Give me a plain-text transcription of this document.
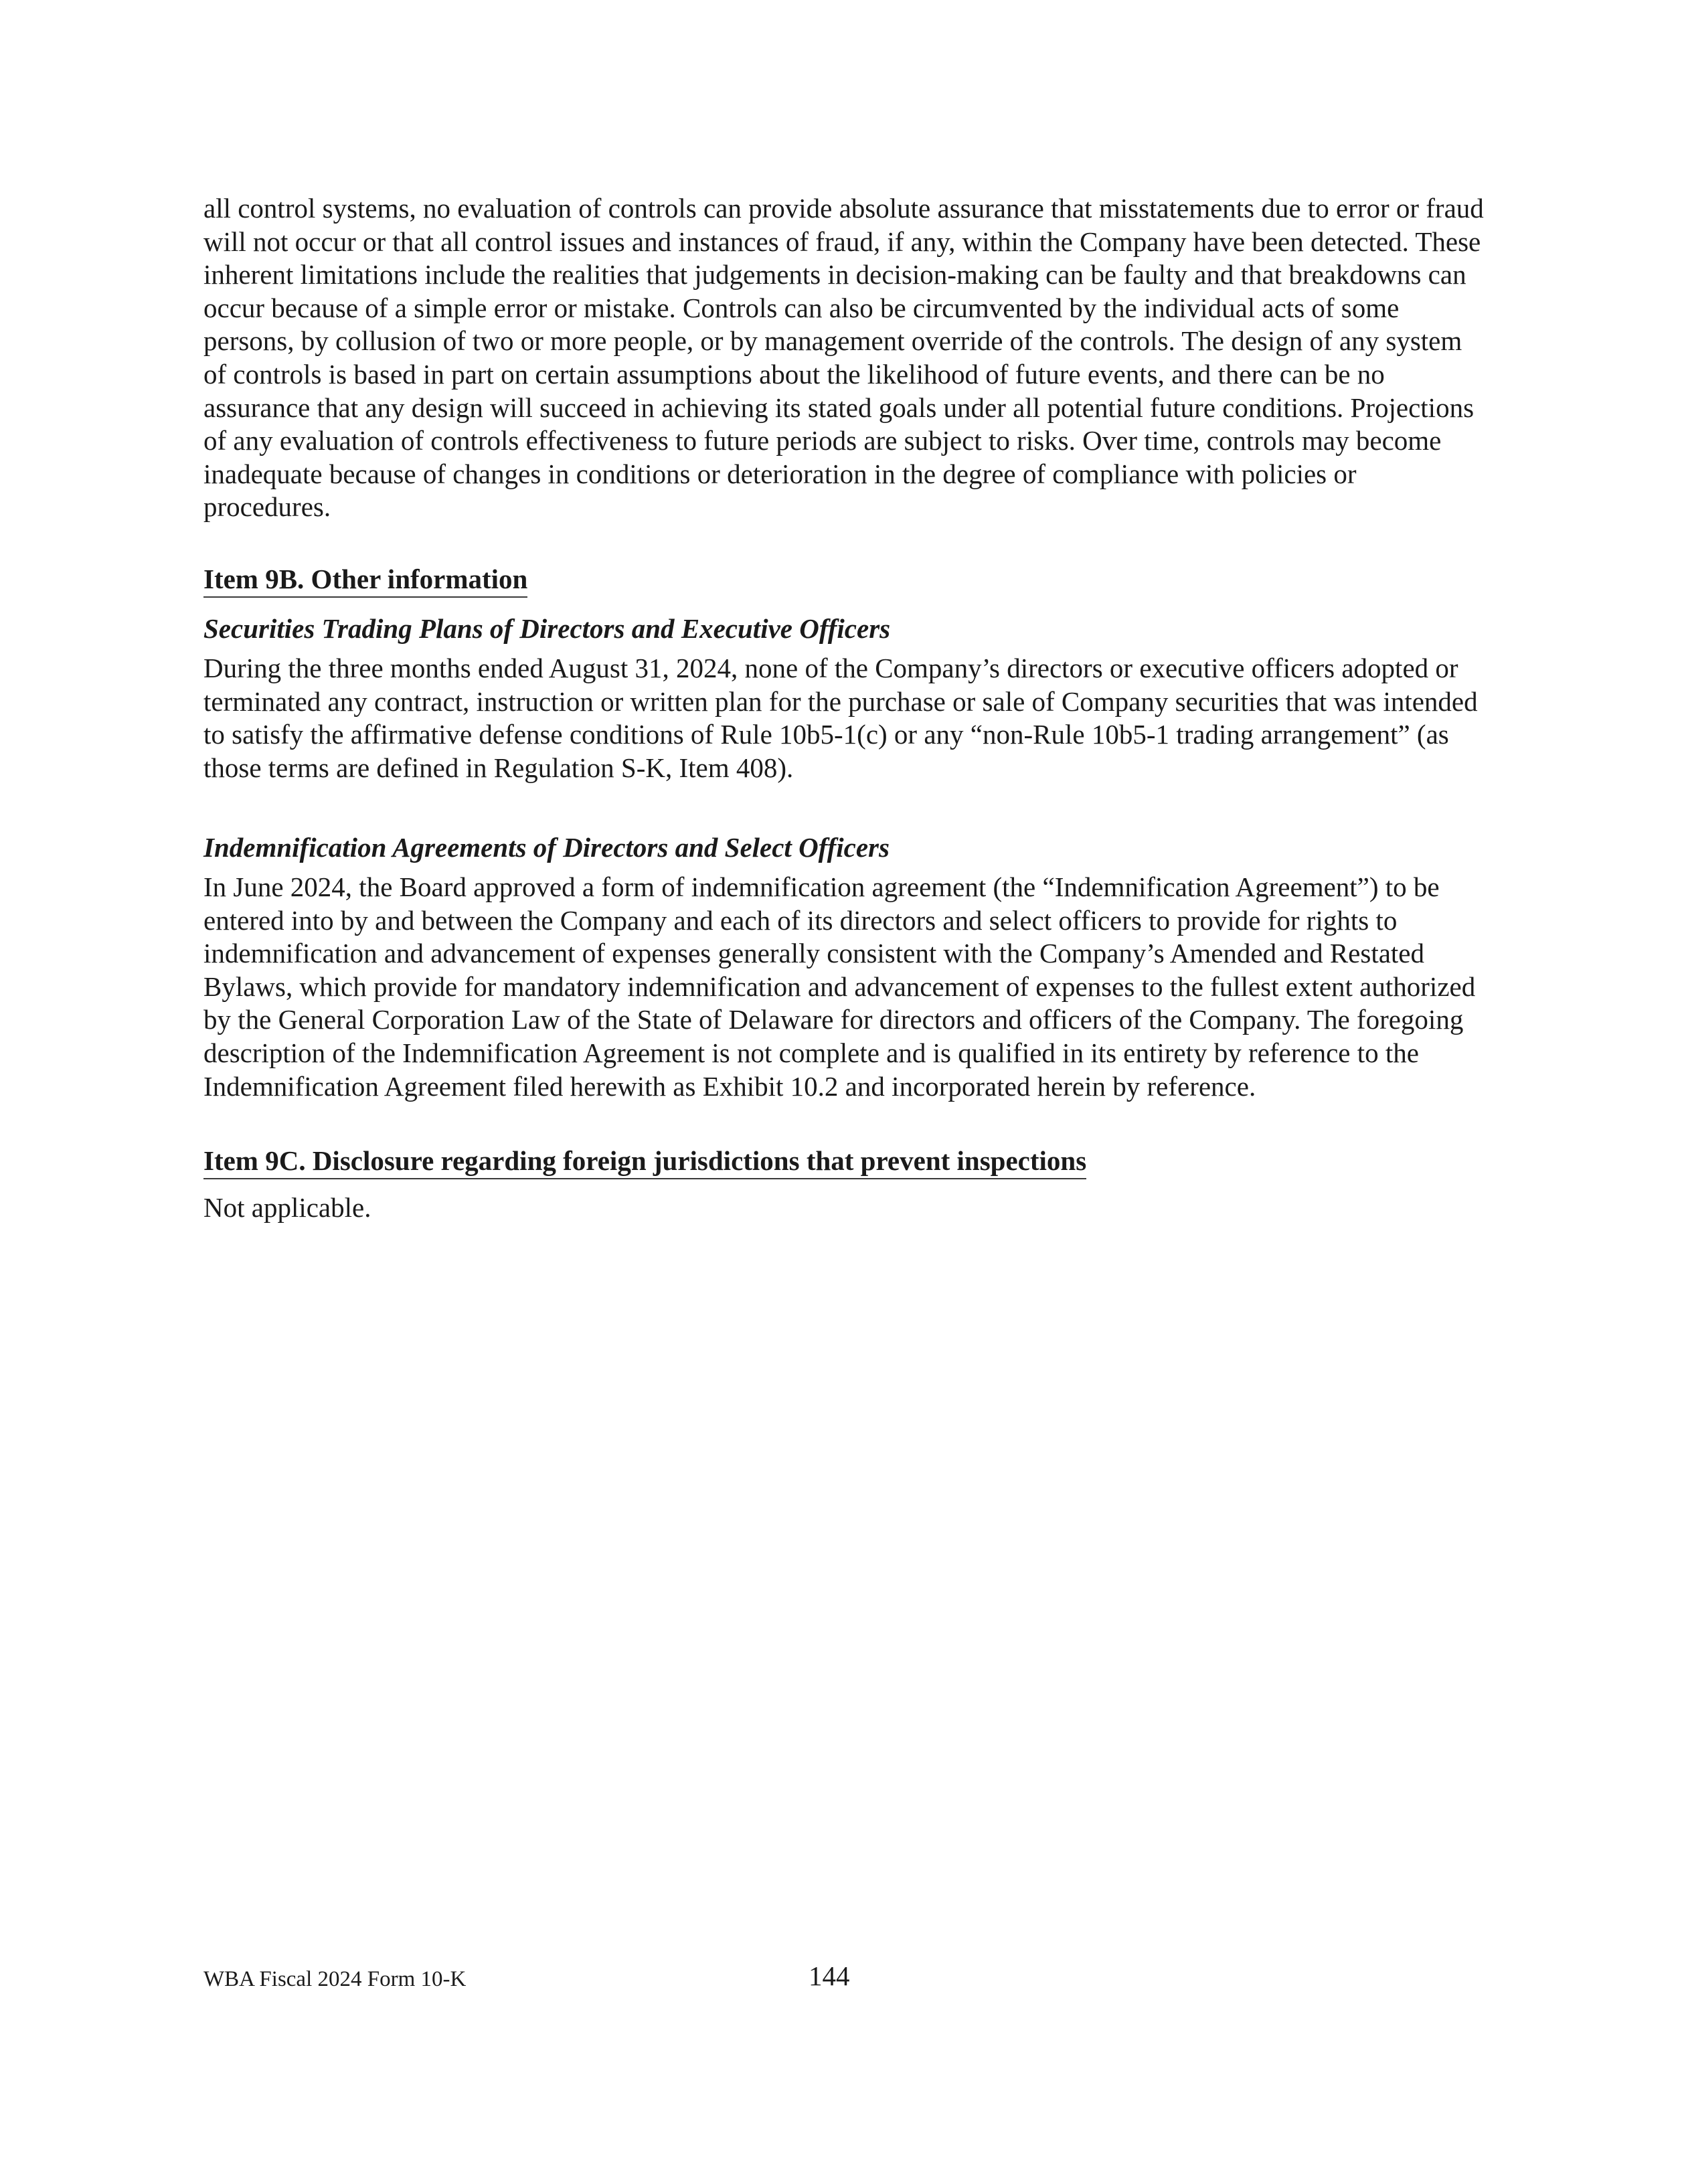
all control systems, no evaluation of controls can provide absolute assurance that misstatements due to error or fraud will not occur or that all control issues and instances of fraud, if any, within the Company have been detected. These inherent limitations include the realities that judgements in decision-making can be faulty and that breakdowns can occur because of a simple error or mistake. Controls can also be circumvented by the individual acts of some persons, by collusion of two or more people, or by management override of the controls. The design of any system of controls is based in part on certain assumptions about the likelihood of future events, and there can be no assurance that any design will succeed in achieving its stated goals under all potential future conditions. Projections of any evaluation of controls effectiveness to future periods are subject to risks. Over time, controls may become inadequate because of changes in conditions or deterioration in the degree of compliance with policies or procedures.

Item 9B. Other information

Securities Trading Plans of Directors and Executive Officers

During the three months ended August 31, 2024, none of the Company’s directors or executive officers adopted or terminated any contract, instruction or written plan for the purchase or sale of Company securities that was intended to satisfy the affirmative defense conditions of Rule 10b5-1(c) or any “non-Rule 10b5-1 trading arrangement” (as those terms are defined in Regulation S-K, Item 408).

Indemnification Agreements of Directors and Select Officers

In June 2024, the Board approved a form of indemnification agreement (the “Indemnification Agreement”) to be entered into by and between the Company and each of its directors and select officers to provide for rights to indemnification and advancement of expenses generally consistent with the Company’s Amended and Restated Bylaws, which provide for mandatory indemnification and advancement of expenses to the fullest extent authorized by the General Corporation Law of the State of Delaware for directors and officers of the Company. The foregoing description of the Indemnification Agreement is not complete and is qualified in its entirety by reference to the Indemnification Agreement filed herewith as Exhibit 10.2 and incorporated herein by reference.

Item 9C. Disclosure regarding foreign jurisdictions that prevent inspections

Not applicable.

WBA Fiscal 2024 Form 10-K	144
